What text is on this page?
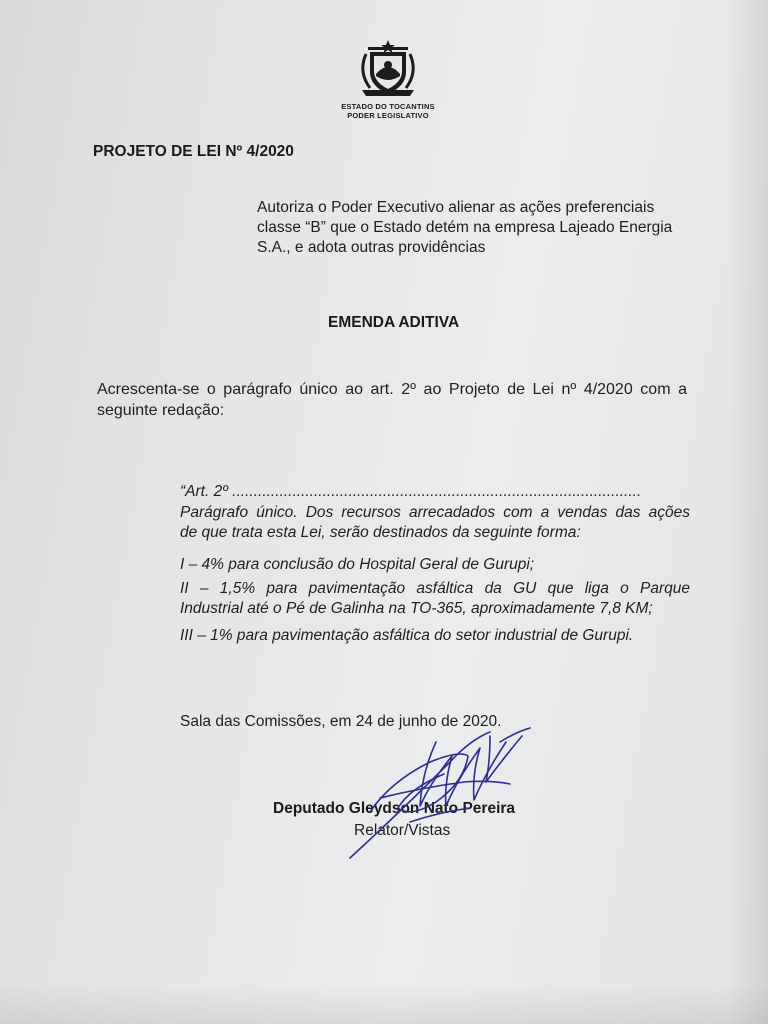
ESTADO DO TOCANTINS
PODER LEGISLATIVO
PROJETO DE LEI Nº 4/2020
Autoriza o Poder Executivo alienar as ações preferenciais
classe “B” que o Estado detém na empresa Lajeado Energia
S.A., e adota outras providências
EMENDA ADITIVA
Acrescenta-se o parágrafo único ao art. 2º ao Projeto de Lei nº 4/2020 com a
seguinte redação:
“Art. 2º ...............................................................................................
Parágrafo único. Dos recursos arrecadados com a vendas das ações
de que trata esta Lei, serão destinados da seguinte forma:
I – 4% para conclusão do Hospital Geral de Gurupi;
II – 1,5% para pavimentação asfáltica da GU que liga o Parque
Industrial até o Pé de Galinha na TO-365, aproximadamente 7,8 KM;
III – 1% para pavimentação asfáltica do setor industrial de Gurupi.
Sala das Comissões, em 24 de junho de 2020.
Deputado Gleydson Nato Pereira
Relator/Vistas
